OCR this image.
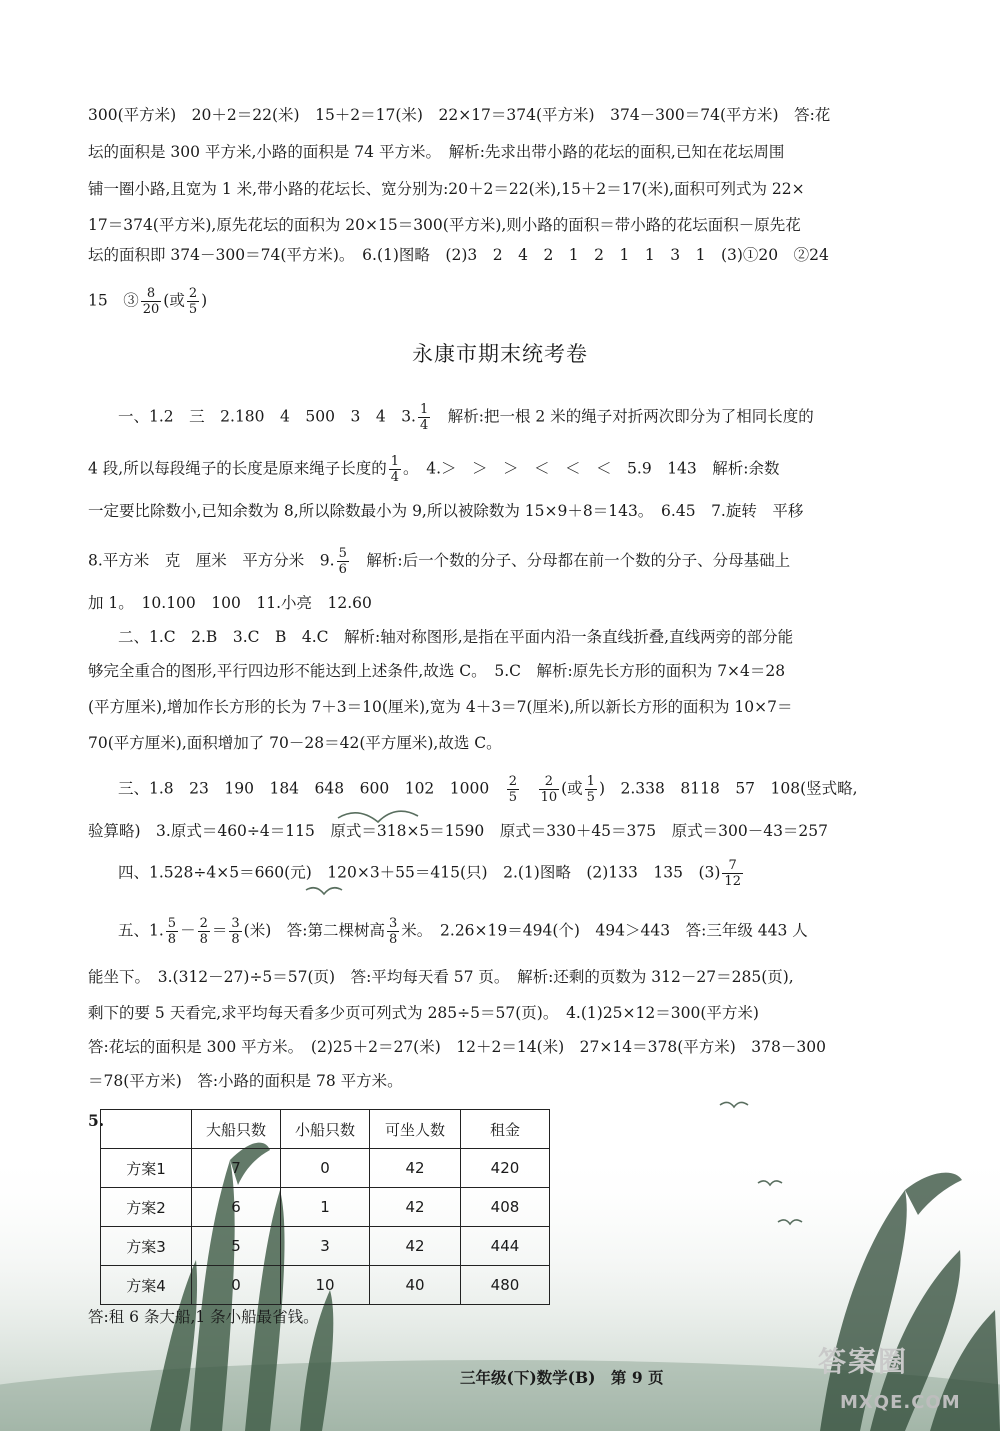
300(平方米)　20＋2＝22(米)　15＋2＝17(米)　22×17＝374(平方米)　374－300＝74(平方米)　答:花
坛的面积是 300 平方米,小路的面积是 74 平方米。　解析:先求出带小路的花坛的面积,已知在花坛周围
铺一圈小路,且宽为 1 米,带小路的花坛长、宽分别为:20＋2＝22(米),15＋2＝17(米),面积可列式为 22×
17＝374(平方米),原先花坛的面积为 20×15＝300(平方米),则小路的面积＝带小路的花坛面积－原先花
坛的面积即 374－300＝74(平方米)。　6.(1)图略　(2)3　2　4　2　1　2　1　1　3　1　(3)①20　②24
15　③ $\frac{8}{20}$ (或 $\frac{2}{5}$ )
永康市期末统考卷
一、1.2　三　2.180　4　500　3　4　3. $\frac{1}{4}$ 　解析:把一根 2 米的绳子对折两次即分为了相同长度的
4 段,所以每段绳子的长度是原来绳子长度的 $\frac{1}{4}$ 。　4.＞　＞　＞　＜　＜　＜　5.9　143　解析:余数
一定要比除数小,已知余数为 8,所以除数最小为 9,所以被除数为 15×9＋8＝143。　6.45　7.旋转　平移
8.平方米　克　厘米　平方分米　9. $\frac{5}{6}$ 　解析:后一个数的分子、分母都在前一个数的分子、分母基础上
加 1。　10.100　100　11.小亮　12.60
二、1.C　2.B　3.C　B　4.C　解析:轴对称图形,是指在平面内沿一条直线折叠,直线两旁的部分能
够完全重合的图形,平行四边形不能达到上述条件,故选 C。　5.C　解析:原先长方形的面积为 7×4＝28
(平方厘米),增加作长方形的长为 7＋3＝10(厘米),宽为 4＋3＝7(厘米),所以新长方形的面积为 10×7＝
70(平方厘米),面积增加了 70－28＝42(平方厘米),故选 C。
三、1.8　23　190　184　648　600　102　1000　 $\frac{2}{5}$
　 $\frac{2}{10}$ (或 $\frac{1}{5}$ )　2.338　8118　57　108(竖式略,
验算略)　3.原式＝460÷4＝115　原式＝318×5＝1590　原式＝330＋45＝375　原式＝300－43＝257
四、1.528÷4×5＝660(元)　120×3＋55＝415(只)　2.(1)图略　(2)133　135　$(3) \frac{7}{12}$
五、1. $\frac{5}{8} - \frac{2}{8} = \frac{3}{8}$ (米)　答:第二棵树高 $\frac{3}{8}$ 米。　2.26×19＝494(个)　494＞443　答:三年级 443 人
能坐下。　3.(312－27)÷5＝57(页)　答:平均每天看 57 页。　解析:还剩的页数为 312－27＝285(页),
剩下的要 5 天看完,求平均每天看多少页可列式为 285÷5＝57(页)。　4.(1)25×12＝300(平方米)
答:花坛的面积是 300 平方米。　(2)25＋2＝27(米)　12＋2＝14(米)　27×14＝378(平方米)　378－300
＝78(平方米)　答:小路的面积是 78 平方米。
5.
		大船只数	小船只数	可坐人数	租金
方案1	7	0	42	420
方案2	6	1	42	408
方案3	5	3	42	444
方案4	0	10	40	480
答:租 6 条大船,1 条小船最省钱。
三年级(下)数学(B)　第 9 页	答案圈
MXQE.COM
